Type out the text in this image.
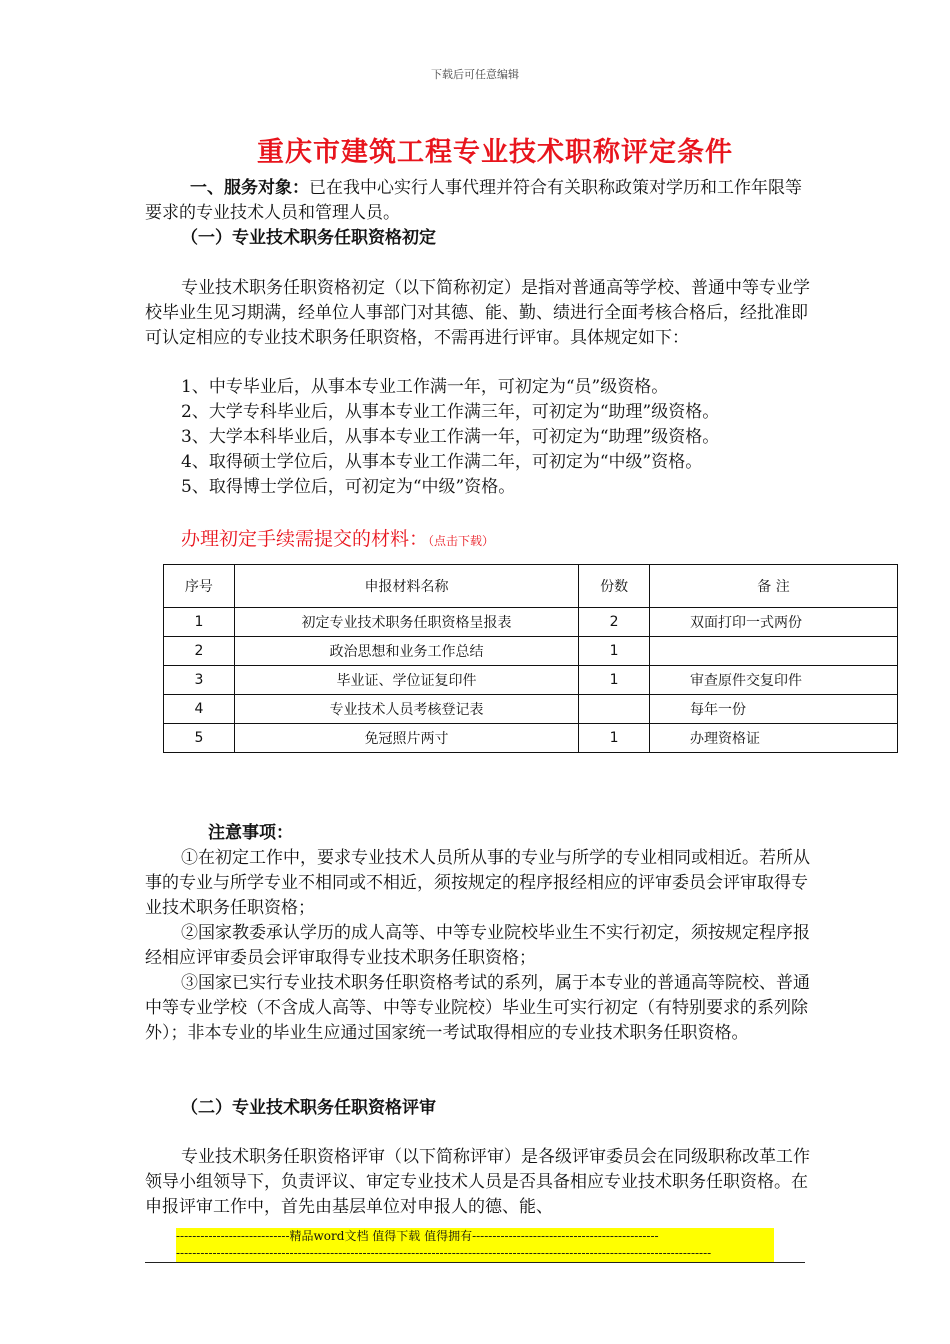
下载后可任意编辑
重庆市建筑工程专业技术职称评定条件
一、服务对象：已在我中心实行人事代理并符合有关职称政策对学历和工作年限等要求的专业技术人员和管理人员。
（一）专业技术职务任职资格初定
专业技术职务任职资格初定（以下简称初定）是指对普通高等学校、普通中等专业学校毕业生见习期满，经单位人事部门对其德、能、勤、绩进行全面考核合格后，经批准即可认定相应的专业技术职务任职资格，不需再进行评审。具体规定如下：
1、中专毕业后，从事本专业工作满一年，可初定为“员”级资格。
2、大学专科毕业后，从事本专业工作满三年，可初定为“助理”级资格。
3、大学本科毕业后，从事本专业工作满一年，可初定为“助理”级资格。
4、取得硕士学位后，从事本专业工作满二年，可初定为“中级”资格。
5、取得博士学位后，可初定为“中级”资格。
办理初定手续需提交的材料：（点击下载）
序号	申报材料名称	份数	备 注
1	初定专业技术职务任职资格呈报表	2	双面打印一式两份
2	政治思想和业务工作总结	1	
3	毕业证、学位证复印件	1	审查原件交复印件
4	专业技术人员考核登记表		每年一份
5	免冠照片两寸	1	办理资格证
注意事项：
①在初定工作中，要求专业技术人员所从事的专业与所学的专业相同或相近。若所从事的专业与所学专业不相同或不相近，须按规定的程序报经相应的评审委员会评审取得专业技术职务任职资格；
②国家教委承认学历的成人高等、中等专业院校毕业生不实行初定，须按规定程序报经相应评审委员会评审取得专业技术职务任职资格；
③国家已实行专业技术职务任职资格考试的系列，属于本专业的普通高等院校、普通中等专业学校（不含成人高等、中等专业院校）毕业生可实行初定（有特别要求的系列除外）；非本专业的毕业生应通过国家统一考试取得相应的专业技术职务任职资格。
（二）专业技术职务任职资格评审
专业技术职务任职资格评审（以下简称评审）是各级评审委员会在同级职称改革工作领导小组领导下，负责评议、审定专业技术人员是否具备相应专业技术职务任职资格。在申报评审工作中，首先由基层单位对申报人的德、能、
----------------------------精品word文档 值得下载 值得拥有----------------------------------------------
------------------------------------------------------------------------------------------------------------------------------------
